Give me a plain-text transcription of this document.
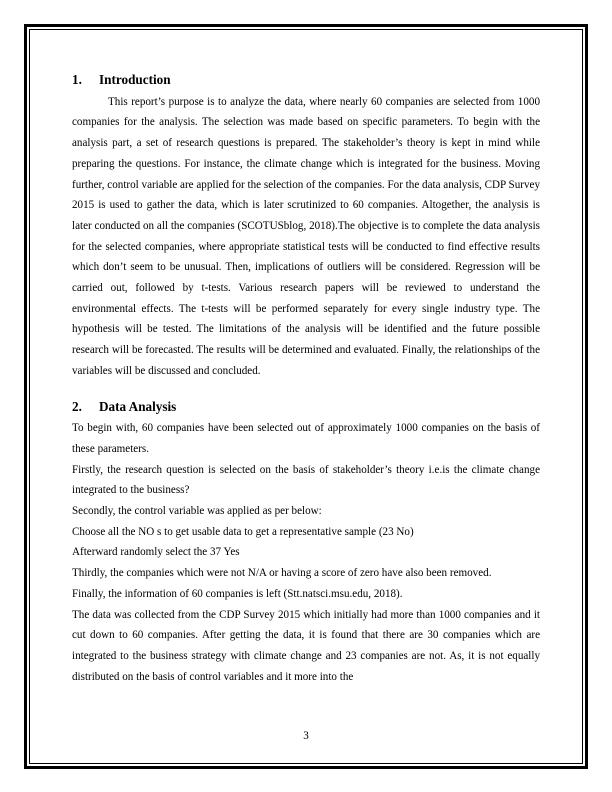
1. Introduction

This report’s purpose is to analyze the data, where nearly 60 companies are selected from 1000 companies for the analysis. The selection was made based on specific parameters. To begin with the analysis part, a set of research questions is prepared. The stakeholder’s theory is kept in mind while preparing the questions. For instance, the climate change which is integrated for the business. Moving further, control variable are applied for the selection of the companies. For the data analysis, CDP Survey 2015 is used to gather the data, which is later scrutinized to 60 companies. Altogether, the analysis is later conducted on all the companies (SCOTUSblog, 2018).The objective is to complete the data analysis for the selected companies, where appropriate statistical tests will be conducted to find effective results which don’t seem to be unusual. Then, implications of outliers will be considered. Regression will be carried out, followed by t-tests. Various research papers will be reviewed to understand the environmental effects. The t-tests will be performed separately for every single industry type. The hypothesis will be tested. The limitations of the analysis will be identified and the future possible research will be forecasted. The results will be determined and evaluated. Finally, the relationships of the variables will be discussed and concluded.

2. Data Analysis

To begin with, 60 companies have been selected out of approximately 1000 companies on the basis of these parameters.

Firstly, the research question is selected on the basis of stakeholder’s theory i.e.is the climate change integrated to the business?

Secondly, the control variable was applied as per below:

Choose all the NO s to get usable data to get a representative sample (23 No)

Afterward randomly select the 37 Yes

Thirdly, the companies which were not N/A or having a score of zero have also been removed.

Finally, the information of 60 companies is left (Stt.natsci.msu.edu, 2018).

The data was collected from the CDP Survey 2015 which initially had more than 1000 companies and it cut down to 60 companies. After getting the data, it is found that there are 30 companies which are integrated to the business strategy with climate change and 23 companies are not. As, it is not equally distributed on the basis of control variables and it more into the

3
